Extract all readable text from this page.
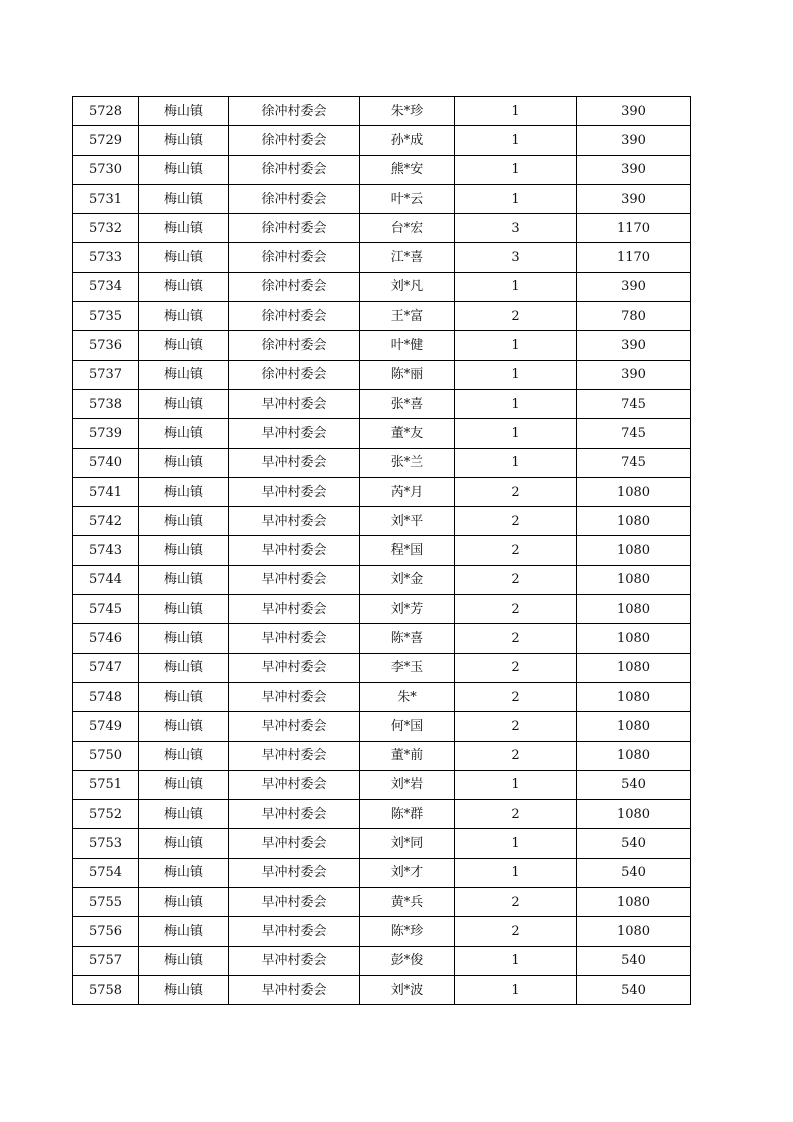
5728	梅山镇	徐冲村委会	朱*珍	1	390
5729	梅山镇	徐冲村委会	孙*成	1	390
5730	梅山镇	徐冲村委会	熊*安	1	390
5731	梅山镇	徐冲村委会	叶*云	1	390
5732	梅山镇	徐冲村委会	台*宏	3	1170
5733	梅山镇	徐冲村委会	江*喜	3	1170
5734	梅山镇	徐冲村委会	刘*凡	1	390
5735	梅山镇	徐冲村委会	王*富	2	780
5736	梅山镇	徐冲村委会	叶*健	1	390
5737	梅山镇	徐冲村委会	陈*丽	1	390
5738	梅山镇	早冲村委会	张*喜	1	745
5739	梅山镇	早冲村委会	董*友	1	745
5740	梅山镇	早冲村委会	张*兰	1	745
5741	梅山镇	早冲村委会	芮*月	2	1080
5742	梅山镇	早冲村委会	刘*平	2	1080
5743	梅山镇	早冲村委会	程*国	2	1080
5744	梅山镇	早冲村委会	刘*金	2	1080
5745	梅山镇	早冲村委会	刘*芳	2	1080
5746	梅山镇	早冲村委会	陈*喜	2	1080
5747	梅山镇	早冲村委会	李*玉	2	1080
5748	梅山镇	早冲村委会	朱*	2	1080
5749	梅山镇	早冲村委会	何*国	2	1080
5750	梅山镇	早冲村委会	董*前	2	1080
5751	梅山镇	早冲村委会	刘*岩	1	540
5752	梅山镇	早冲村委会	陈*群	2	1080
5753	梅山镇	早冲村委会	刘*同	1	540
5754	梅山镇	早冲村委会	刘*才	1	540
5755	梅山镇	早冲村委会	黄*兵	2	1080
5756	梅山镇	早冲村委会	陈*珍	2	1080
5757	梅山镇	早冲村委会	彭*俊	1	540
5758	梅山镇	早冲村委会	刘*波	1	540
